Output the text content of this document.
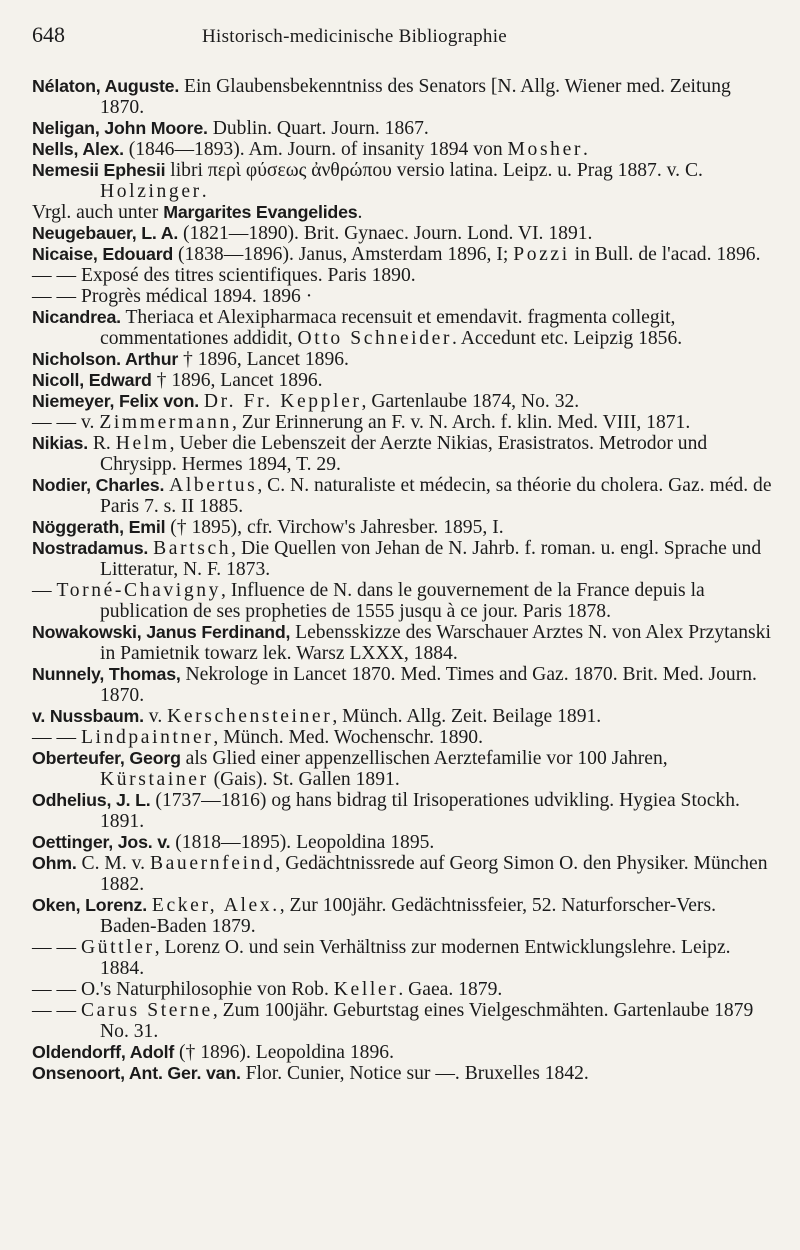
648	Historisch-medicinische Bibliographie

Nélaton, Auguste. Ein Glaubensbekenntniss des Senators [N. Allg. Wiener med. Zeitung 1870.

Neligan, John Moore. Dublin. Quart. Journ. 1867.

Nells, Alex. (1846—1893). Am. Journ. of insanity 1894 von Mosher.

Nemesii Ephesii libri περὶ φύσεως ἀνθρώπου versio latina. Leipz. u. Prag 1887. v. C. Holzinger.

Vrgl. auch unter Margarites Evangelides.

Neugebauer, L. A. (1821—1890). Brit. Gynaec. Journ. Lond. VI. 1891.

Nicaise, Edouard (1838—1896). Janus, Amsterdam 1896, I; Pozzi in Bull. de l'acad. 1896.

— — Exposé des titres scientifiques. Paris 1890.

— — Progrès médical 1894. 1896 ·

Nicandrea. Theriaca et Alexipharmaca recensuit et emendavit. fragmenta collegit, commentationes addidit, Otto Schneider. Accedunt etc. Leipzig 1856.

Nicholson. Arthur † 1896, Lancet 1896.

Nicoll, Edward † 1896, Lancet 1896.

Niemeyer, Felix von. Dr. Fr. Keppler, Gartenlaube 1874, No. 32.

— — v. Zimmermann, Zur Erinnerung an F. v. N. Arch. f. klin. Med. VIII, 1871.

Nikias. R. Helm, Ueber die Lebenszeit der Aerzte Nikias, Erasistratos. Metrodor und Chrysipp. Hermes 1894, T. 29.

Nodier, Charles. Albertus, C. N. naturaliste et médecin, sa théorie du cholera. Gaz. méd. de Paris 7. s. II 1885.

Nöggerath, Emil († 1895), cfr. Virchow's Jahresber. 1895, I.

Nostradamus. Bartsch, Die Quellen von Jehan de N. Jahrb. f. roman. u. engl. Sprache und Litteratur, N. F. 1873.

— Torné-Chavigny, Influence de N. dans le gouvernement de la France depuis la publication de ses propheties de 1555 jusqu à ce jour. Paris 1878.

Nowakowski, Janus Ferdinand, Lebensskizze des Warschauer Arztes N. von Alex Przytanski in Pamietnik towarz lek. Warsz LXXX, 1884.

Nunnely, Thomas, Nekrologe in Lancet 1870. Med. Times and Gaz. 1870. Brit. Med. Journ. 1870.

v. Nussbaum. v. Kerschensteiner, Münch. Allg. Zeit. Beilage 1891.

— — Lindpaintner, Münch. Med. Wochenschr. 1890.

Oberteufer, Georg als Glied einer appenzellischen Aerztefamilie vor 100 Jahren, Kürstainer (Gais). St. Gallen 1891.

Odhelius, J. L. (1737—1816) og hans bidrag til Irisoperationes udvikling. Hygiea Stockh. 1891.

Oettinger, Jos. v. (1818—1895). Leopoldina 1895.

Ohm. C. M. v. Bauernfeind, Gedächtnissrede auf Georg Simon O. den Physiker. München 1882.

Oken, Lorenz. Ecker, Alex., Zur 100jähr. Gedächtnissfeier, 52. Naturforscher-Vers. Baden-Baden 1879.

— — Güttler, Lorenz O. und sein Verhältniss zur modernen Entwicklungslehre. Leipz. 1884.

— — O.'s Naturphilosophie von Rob. Keller. Gaea. 1879.

— — Carus Sterne, Zum 100jähr. Geburtstag eines Vielgeschmähten. Gartenlaube 1879 No. 31.

Oldendorff, Adolf († 1896). Leopoldina 1896.

Onsenoort, Ant. Ger. van. Flor. Cunier, Notice sur —. Bruxelles 1842.
